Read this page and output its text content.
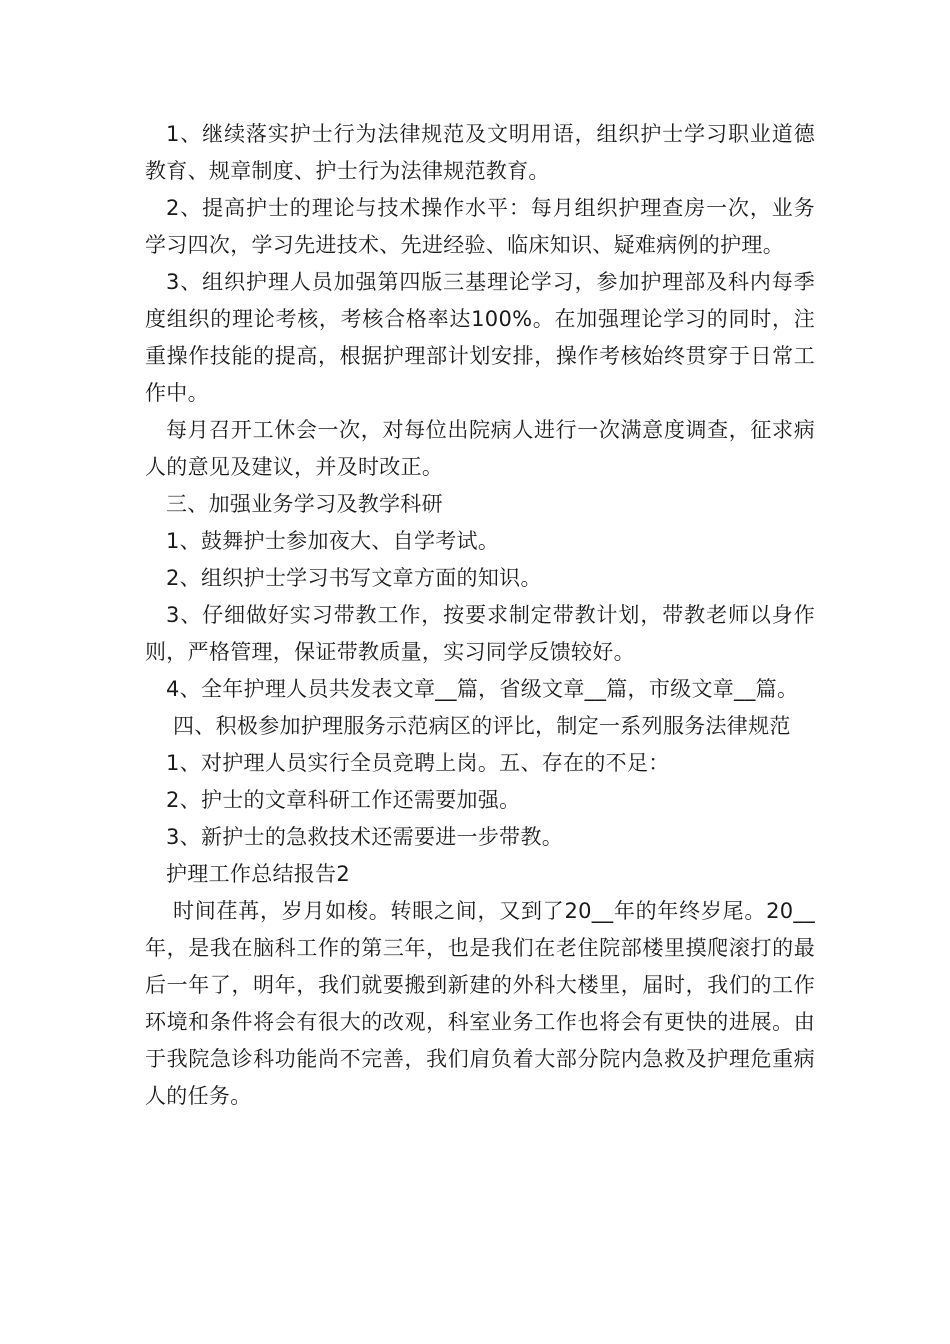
1、继续落实护士行为法律规范及文明用语，组织护士学习职业道德教育、规章制度、护士行为法律规范教育。

2、提高护士的理论与技术操作水平：每月组织护理查房一次，业务学习四次，学习先进技术、先进经验、临床知识、疑难病例的护理。

3、组织护理人员加强第四版三基理论学习，参加护理部及科内每季度组织的理论考核，考核合格率达100%。在加强理论学习的同时，注重操作技能的提高，根据护理部计划安排，操作考核始终贯穿于日常工作中。

每月召开工休会一次，对每位出院病人进行一次满意度调查，征求病人的意见及建议，并及时改正。

三、加强业务学习及教学科研

1、鼓舞护士参加夜大、自学考试。

2、组织护士学习书写文章方面的知识。

3、仔细做好实习带教工作，按要求制定带教计划，带教老师以身作则，严格管理，保证带教质量，实习同学反馈较好。

4、全年护理人员共发表文章__篇，省级文章__篇，市级文章__篇。

四、积极参加护理服务示范病区的评比，制定一系列服务法律规范

1、对护理人员实行全员竞聘上岗。五、存在的不足：

2、护士的文章科研工作还需要加强。

3、新护士的急救技术还需要进一步带教。

护理工作总结报告2

时间荏苒，岁月如梭。转眼之间，又到了20__年的年终岁尾。20__年，是我在脑科工作的第三年，也是我们在老住院部楼里摸爬滚打的最后一年了，明年，我们就要搬到新建的外科大楼里，届时，我们的工作环境和条件将会有很大的改观，科室业务工作也将会有更快的进展。由于我院急诊科功能尚不完善，我们肩负着大部分院内急救及护理危重病人的任务。
